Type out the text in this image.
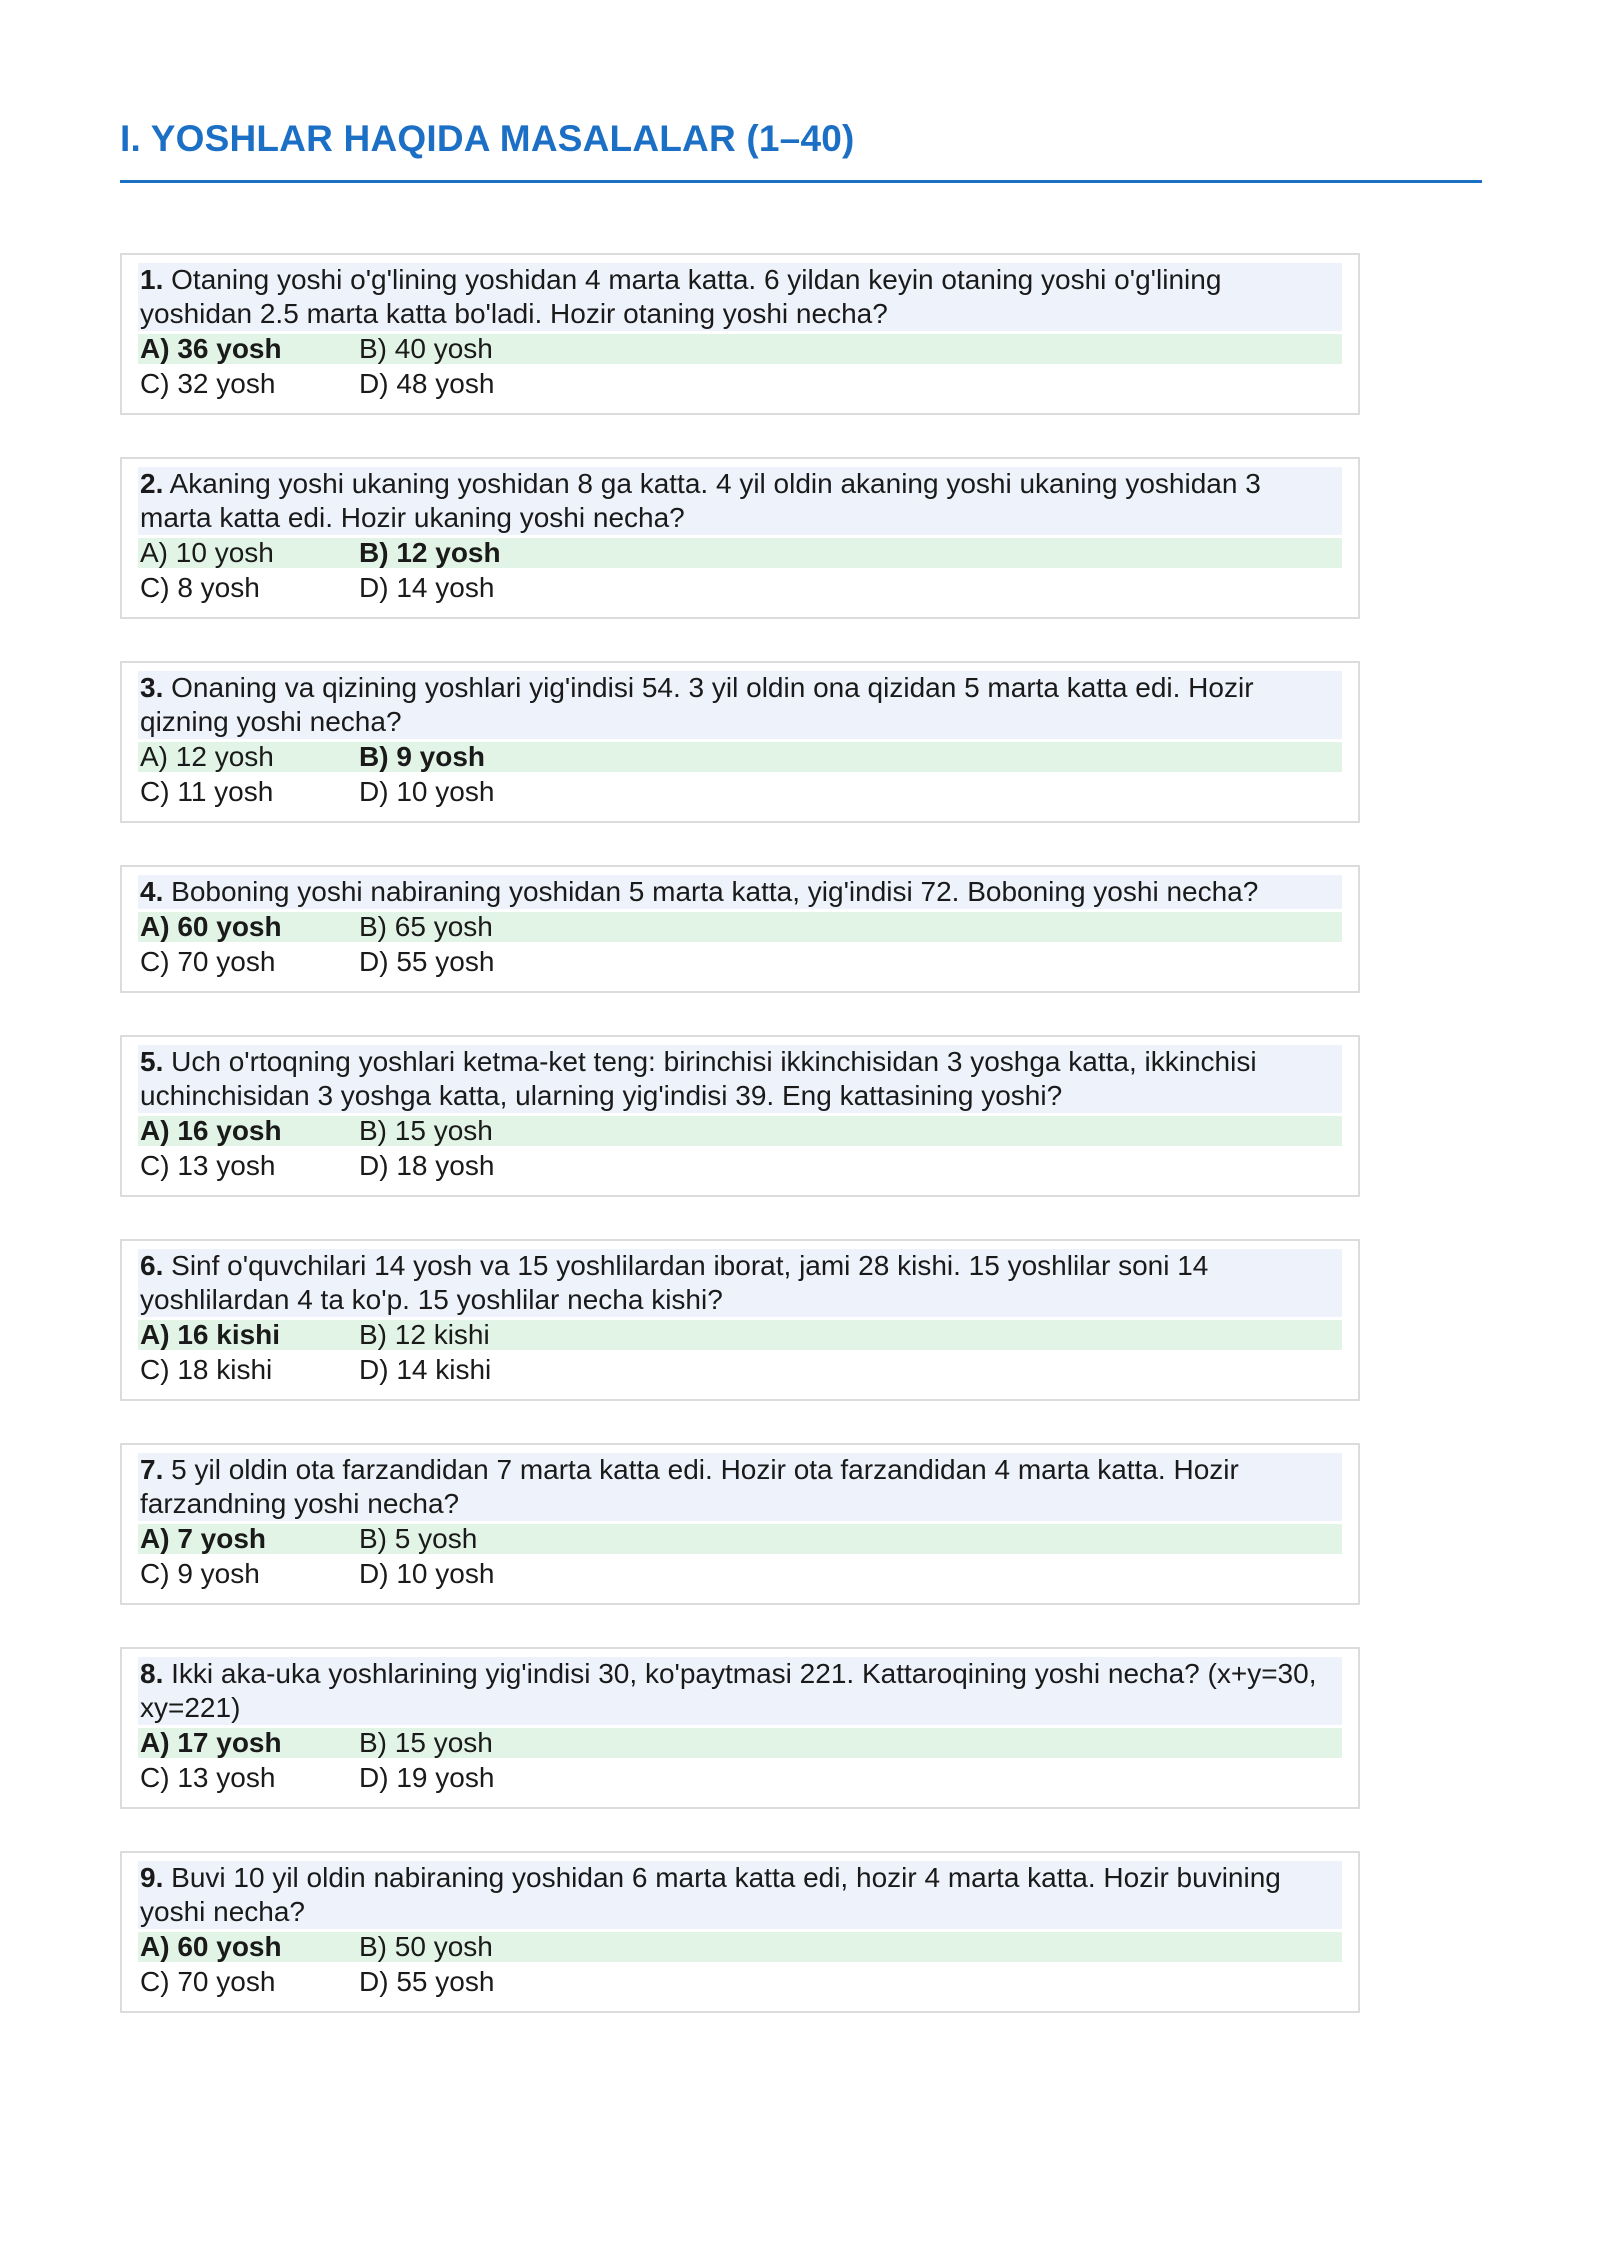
I. YOSHLAR HAQIDA MASALALAR (1–40)
1. Otaning yoshi o'g'lining yoshidan 4 marta katta. 6 yildan keyin otaning yoshi o'g'lining yoshidan 2.5 marta katta bo'ladi. Hozir otaning yoshi necha?
A) 36 yosh	B) 40 yosh
C) 32 yosh	D) 48 yosh
2. Akaning yoshi ukaning yoshidan 8 ga katta. 4 yil oldin akaning yoshi ukaning yoshidan 3 marta katta edi. Hozir ukaning yoshi necha?
A) 10 yosh	B) 12 yosh
C) 8 yosh	D) 14 yosh
3. Onaning va qizining yoshlari yig'indisi 54. 3 yil oldin ona qizidan 5 marta katta edi. Hozir qizning yoshi necha?
A) 12 yosh	B) 9 yosh
C) 11 yosh	D) 10 yosh
4. Boboning yoshi nabiraning yoshidan 5 marta katta, yig'indisi 72. Boboning yoshi necha?
A) 60 yosh	B) 65 yosh
C) 70 yosh	D) 55 yosh
5. Uch o'rtoqning yoshlari ketma-ket teng: birinchisi ikkinchisidan 3 yoshga katta, ikkinchisi uchinchisidan 3 yoshga katta, ularning yig'indisi 39. Eng kattasining yoshi?
A) 16 yosh	B) 15 yosh
C) 13 yosh	D) 18 yosh
6. Sinf o'quvchilari 14 yosh va 15 yoshlilardan iborat, jami 28 kishi. 15 yoshlilar soni 14 yoshlilardan 4 ta ko'p. 15 yoshlilar necha kishi?
A) 16 kishi	B) 12 kishi
C) 18 kishi	D) 14 kishi
7. 5 yil oldin ota farzandidan 7 marta katta edi. Hozir ota farzandidan 4 marta katta. Hozir farzandning yoshi necha?
A) 7 yosh	B) 5 yosh
C) 9 yosh	D) 10 yosh
8. Ikki aka-uka yoshlarining yig'indisi 30, ko'paytmasi 221. Kattaroqining yoshi necha? (x+y=30, xy=221)
A) 17 yosh	B) 15 yosh
C) 13 yosh	D) 19 yosh
9. Buvi 10 yil oldin nabiraning yoshidan 6 marta katta edi, hozir 4 marta katta. Hozir buvining yoshi necha?
A) 60 yosh	B) 50 yosh
C) 70 yosh	D) 55 yosh
